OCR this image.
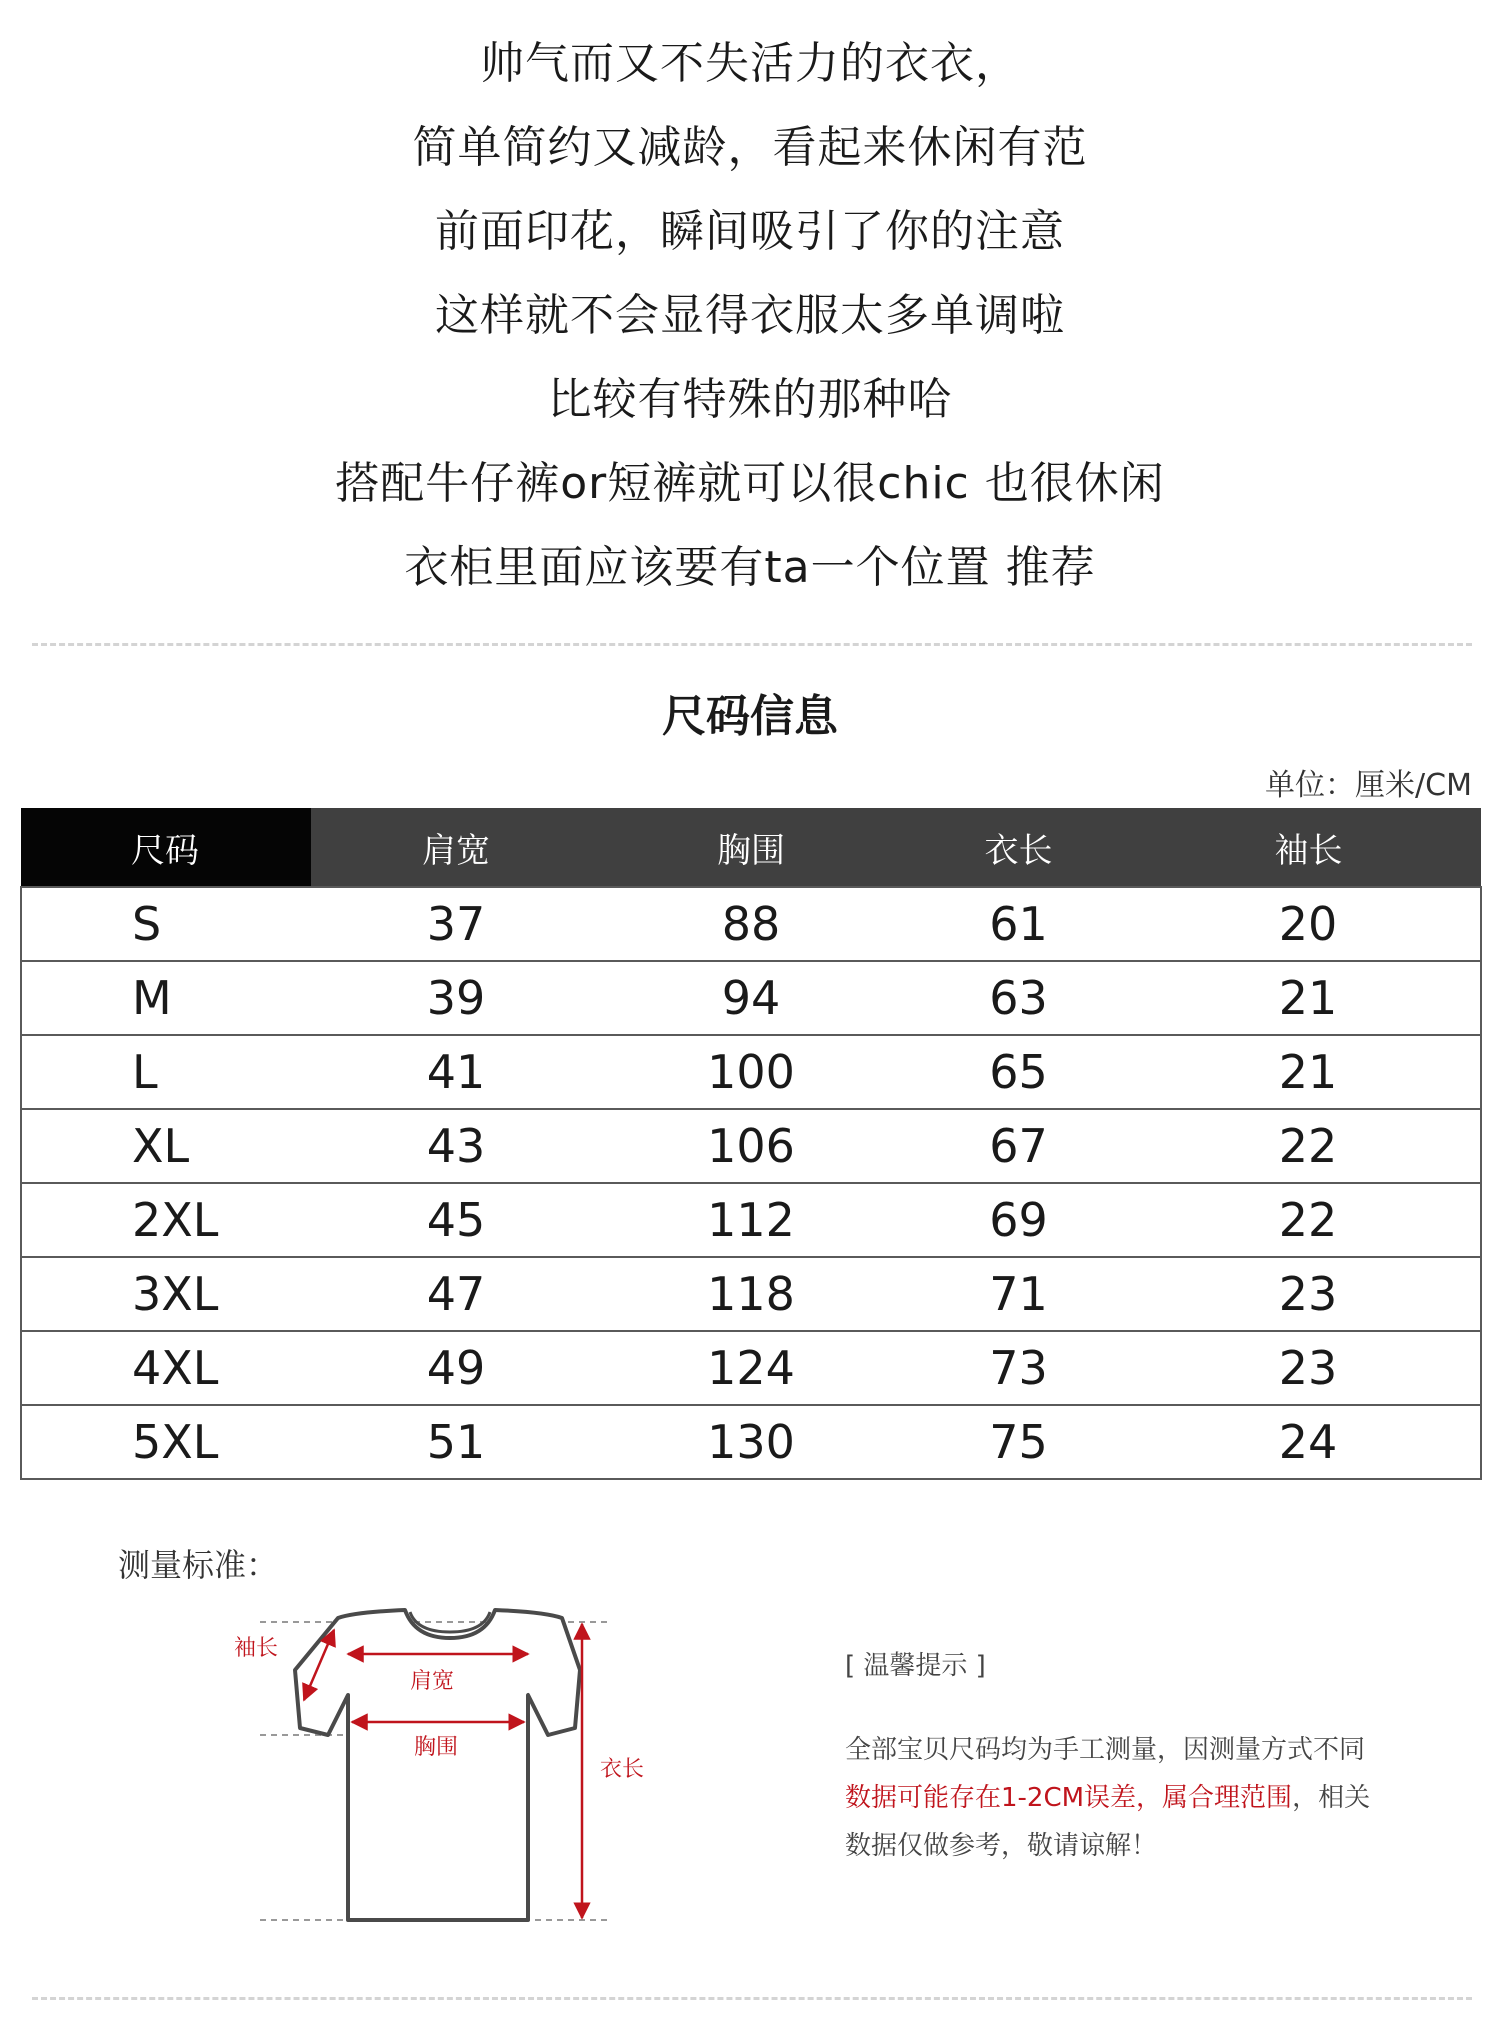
帅气而又不失活力的衣衣，
简单简约又减龄，看起来休闲有范
前面印花，瞬间吸引了你的注意
这样就不会显得衣服太多单调啦
比较有特殊的那种哈
搭配牛仔裤or短裤就可以很chic 也很休闲
衣柜里面应该要有ta一个位置 推荐
尺码信息
单位：厘米/CM
尺码	肩宽	胸围	衣长	袖长
S	37	88	61	20
M	39	94	63	21
L	41	100	65	21
XL	43	106	67	22
2XL	45	112	69	22
3XL	47	118	71	23
4XL	49	124	73	23
5XL	51	130	75	24
测量标准：
袖长
肩宽
胸围
衣长
[ 温馨提示 ]
全部宝贝尺码均为手工测量，因测量方式不同
数据可能存在1-2CM误差，属合理范围，相关
数据仅做参考，敬请谅解！
